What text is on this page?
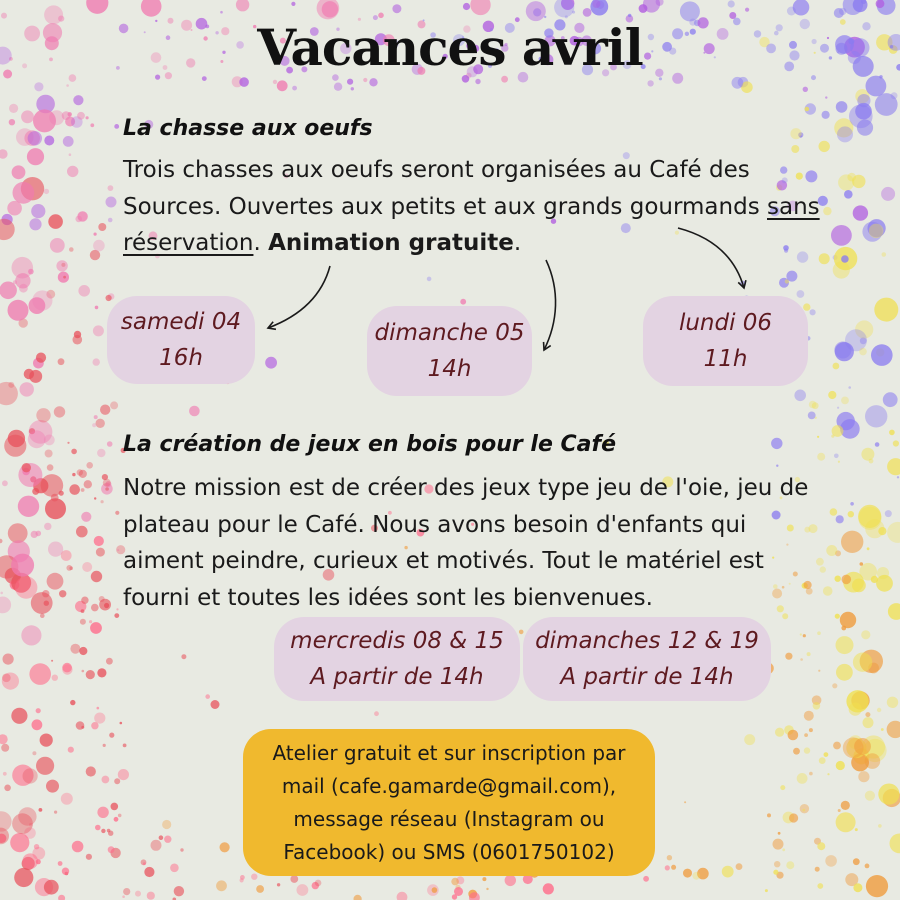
Vacances avril
La chasse aux oeufs
Trois chasses aux oeufs seront organisées au Café des Sources. Ouvertes aux petits et aux grands gourmands sans réservation. Animation gratuite.
samedi 04
16h
dimanche 05
14h
lundi 06
11h
La création de jeux en bois pour le Café
Notre mission est de créer des jeux type jeu de l'oie, jeu de plateau pour le Café. Nous avons besoin d'enfants qui aiment peindre, curieux et motivés. Tout le matériel est fourni et toutes les idées sont les bienvenues.
mercredis 08 & 15
A partir de 14h
dimanches 12 & 19
A partir de 14h
Atelier gratuit et sur inscription par mail (cafe.gamarde@gmail.com), message réseau (Instagram ou Facebook) ou SMS (0601750102)
